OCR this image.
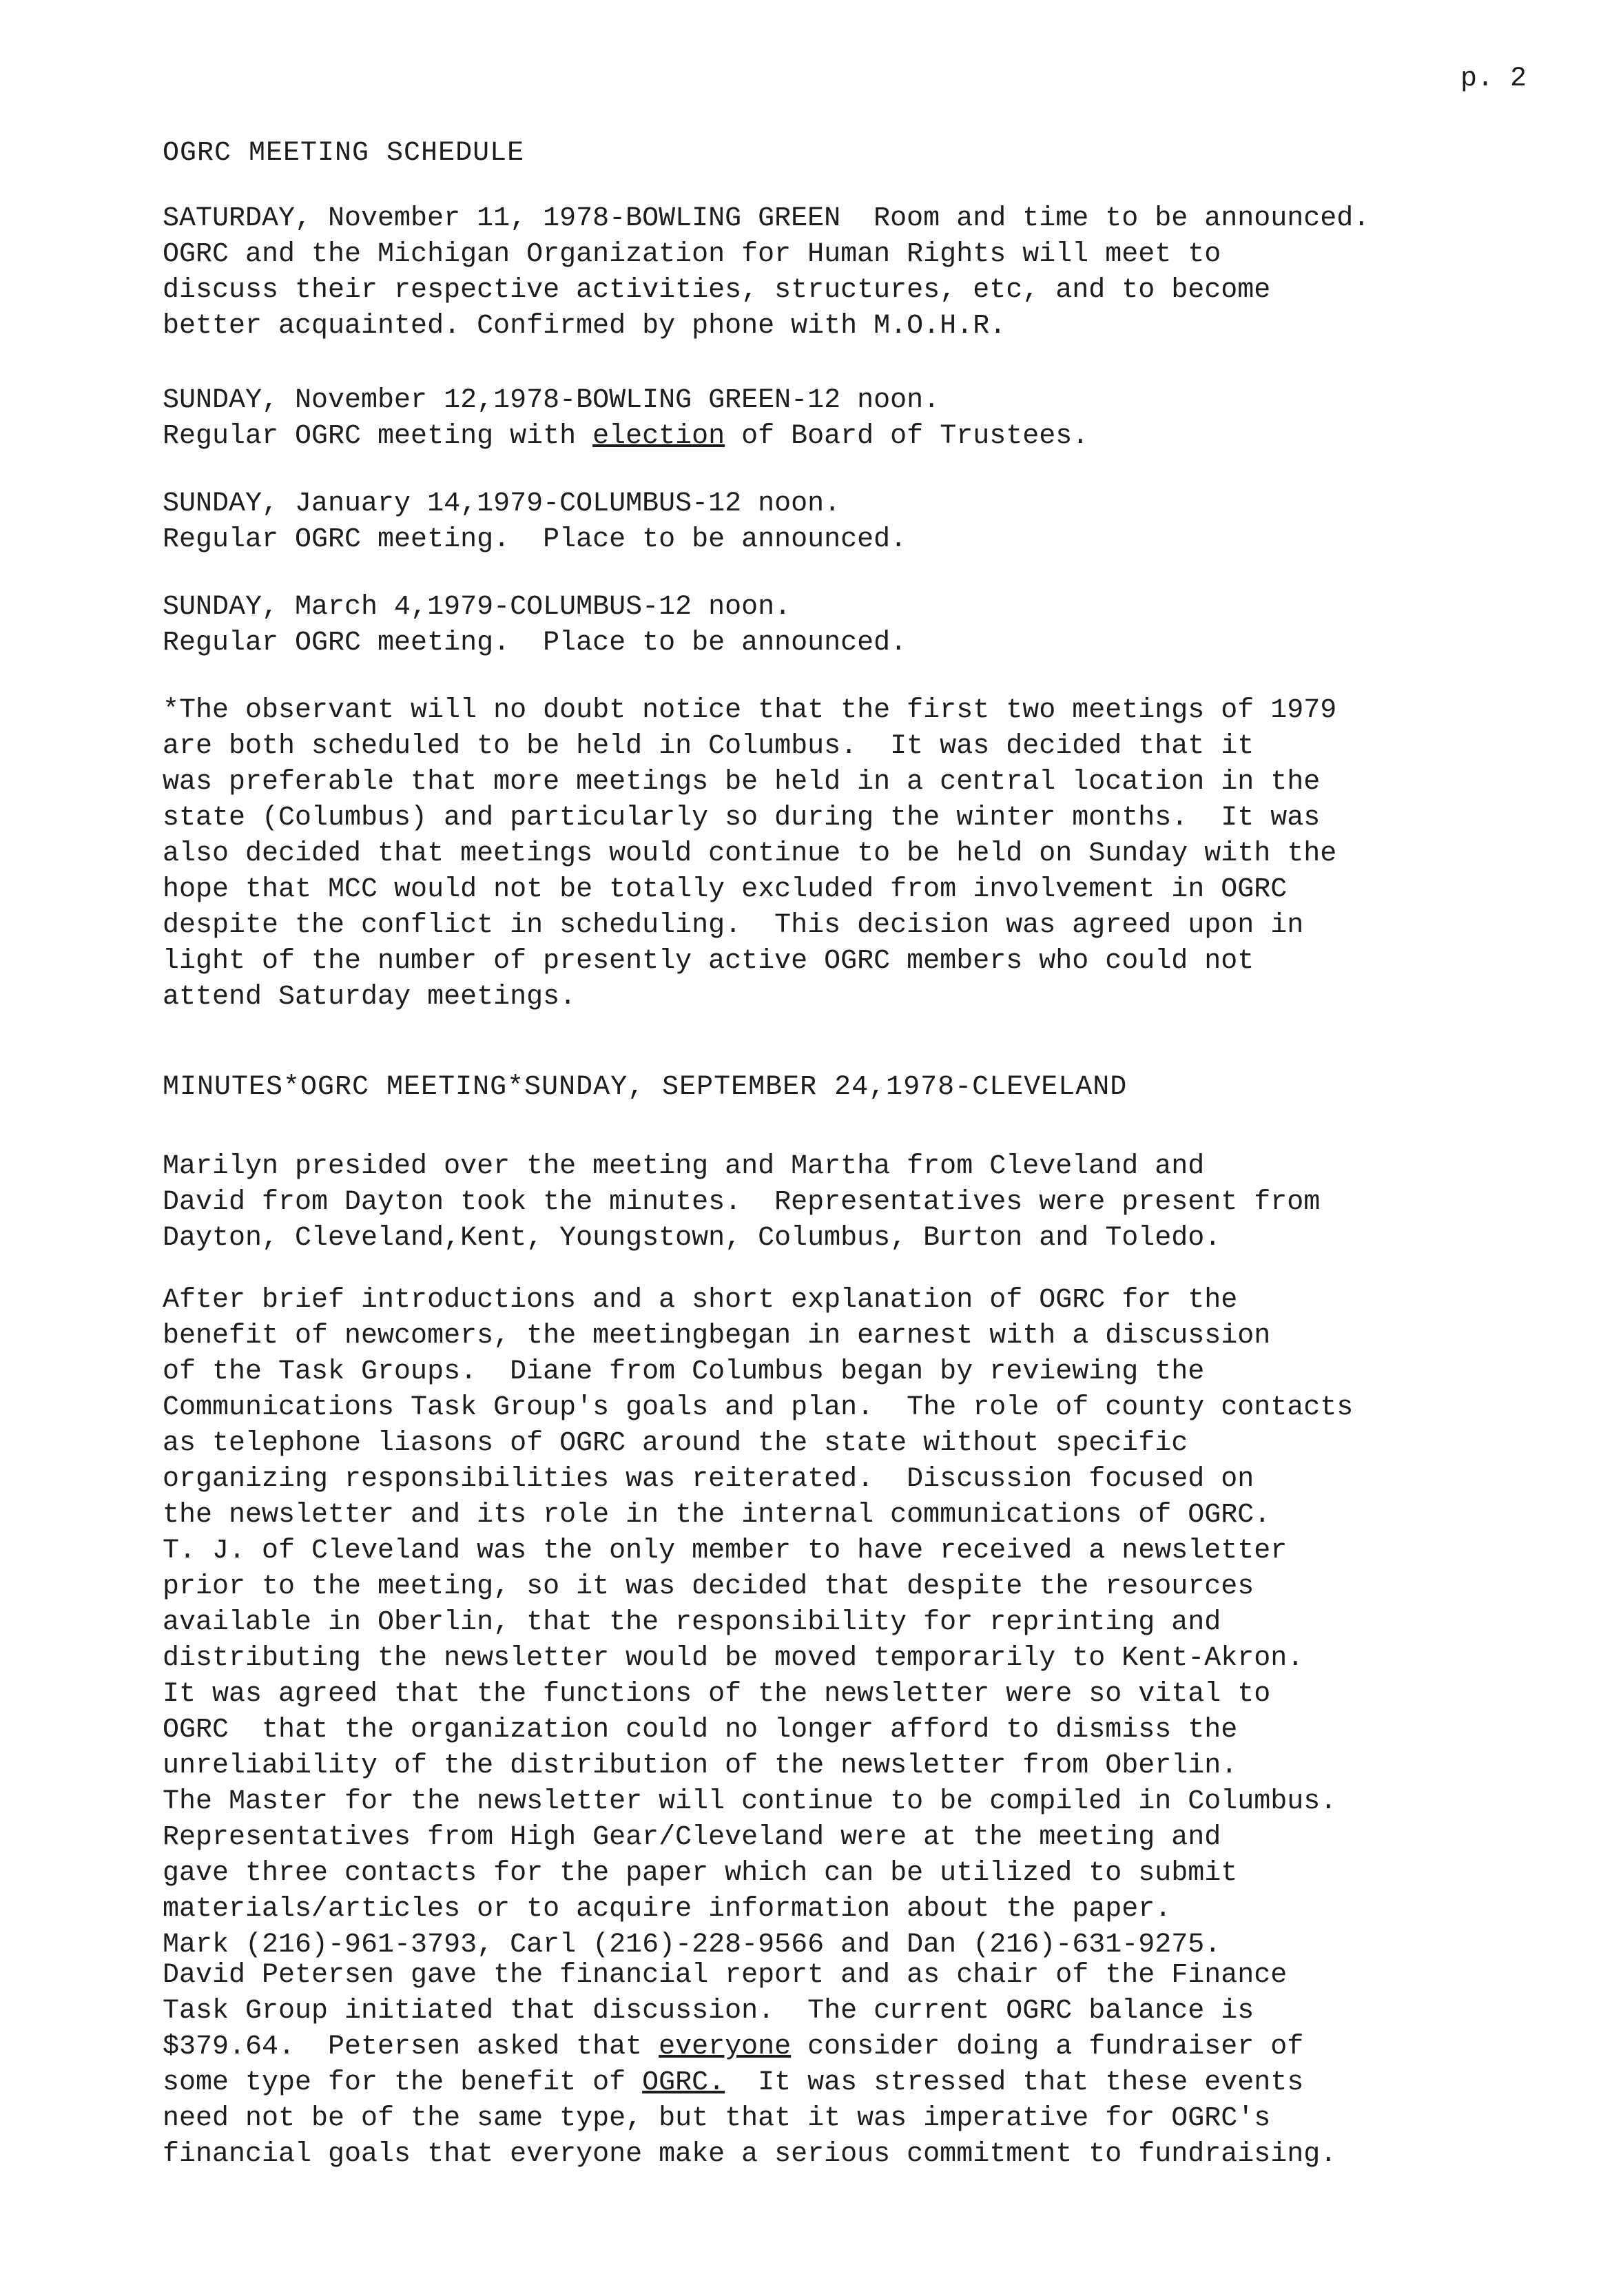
p. 2
OGRC MEETING SCHEDULE
SATURDAY, November 11, 1978-BOWLING GREEN  Room and time to be announced.
OGRC and the Michigan Organization for Human Rights will meet to
discuss their respective activities, structures, etc, and to become
better acquainted. Confirmed by phone with M.O.H.R.
SUNDAY, November 12,1978-BOWLING GREEN-12 noon.
Regular OGRC meeting with election of Board of Trustees.
SUNDAY, January 14,1979-COLUMBUS-12 noon.
Regular OGRC meeting.  Place to be announced.
SUNDAY, March 4,1979-COLUMBUS-12 noon.
Regular OGRC meeting.  Place to be announced.
*The observant will no doubt notice that the first two meetings of 1979
are both scheduled to be held in Columbus.  It was decided that it
was preferable that more meetings be held in a central location in the
state (Columbus) and particularly so during the winter months.  It was
also decided that meetings would continue to be held on Sunday with the
hope that MCC would not be totally excluded from involvement in OGRC
despite the conflict in scheduling.  This decision was agreed upon in
light of the number of presently active OGRC members who could not
attend Saturday meetings.
MINUTES*OGRC MEETING*SUNDAY, SEPTEMBER 24,1978-CLEVELAND
Marilyn presided over the meeting and Martha from Cleveland and
David from Dayton took the minutes.  Representatives were present from
Dayton, Cleveland,Kent, Youngstown, Columbus, Burton and Toledo.
After brief introductions and a short explanation of OGRC for the
benefit of newcomers, the meetingbegan in earnest with a discussion
of the Task Groups.  Diane from Columbus began by reviewing the
Communications Task Group's goals and plan.  The role of county contacts
as telephone liasons of OGRC around the state without specific
organizing responsibilities was reiterated.  Discussion focused on
the newsletter and its role in the internal communications of OGRC.
T. J. of Cleveland was the only member to have received a newsletter
prior to the meeting, so it was decided that despite the resources
available in Oberlin, that the responsibility for reprinting and
distributing the newsletter would be moved temporarily to Kent-Akron.
It was agreed that the functions of the newsletter were so vital to
OGRC  that the organization could no longer afford to dismiss the
unreliability of the distribution of the newsletter from Oberlin.
The Master for the newsletter will continue to be compiled in Columbus.
Representatives from High Gear/Cleveland were at the meeting and
gave three contacts for the paper which can be utilized to submit
materials/articles or to acquire information about the paper.
Mark (216)-961-3793, Carl (216)-228-9566 and Dan (216)-631-9275.
David Petersen gave the financial report and as chair of the Finance
Task Group initiated that discussion.  The current OGRC balance is
$379.64.  Petersen asked that everyone consider doing a fundraiser of
some type for the benefit of OGRC.  It was stressed that these events
need not be of the same type, but that it was imperative for OGRC's
financial goals that everyone make a serious commitment to fundraising.
